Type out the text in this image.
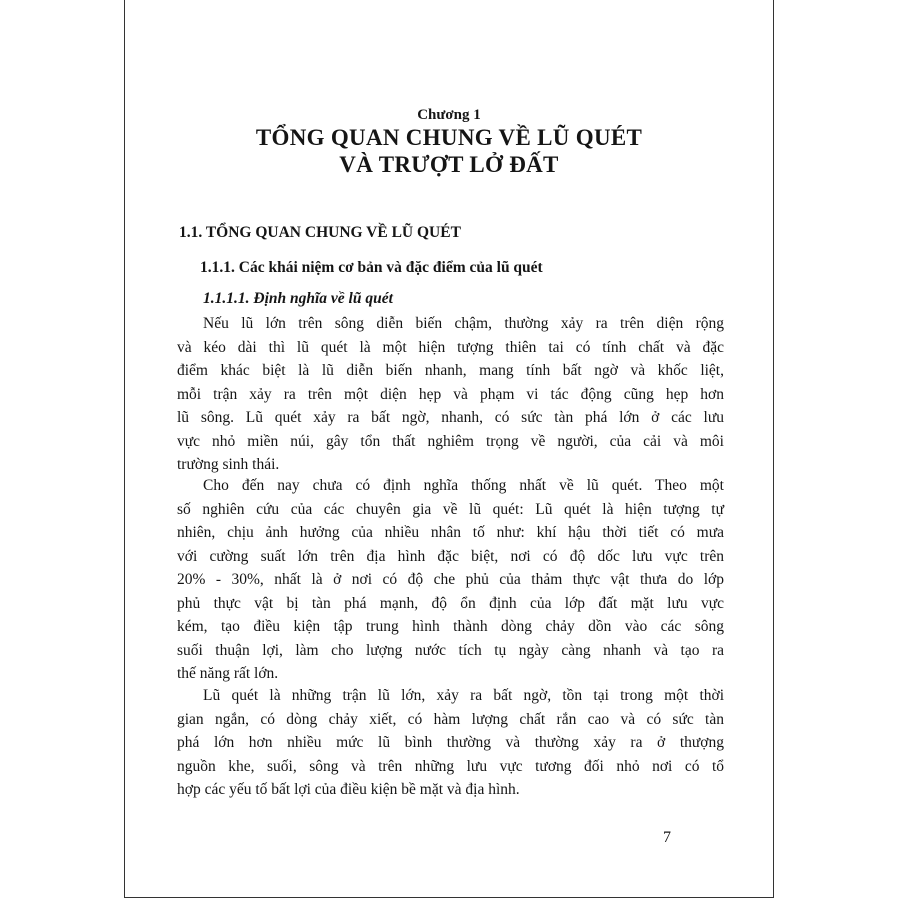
Chương 1
TỔNG QUAN CHUNG VỀ LŨ QUÉT
VÀ TRƯỢT LỞ ĐẤT
1.1. TỔNG QUAN CHUNG VỀ LŨ QUÉT
1.1.1. Các khái niệm cơ bản và đặc điểm của lũ quét
1.1.1.1. Định nghĩa về lũ quét
Nếu lũ lớn trên sông diễn biến chậm, thường xảy ra trên diện rộng
và kéo dài thì lũ quét là một hiện tượng thiên tai có tính chất và đặc
điểm khác biệt là lũ diễn biến nhanh, mang tính bất ngờ và khốc liệt,
mỗi trận xảy ra trên một diện hẹp và phạm vi tác động cũng hẹp hơn
lũ sông. Lũ quét xảy ra bất ngờ, nhanh, có sức tàn phá lớn ở các lưu
vực nhỏ miền núi, gây tổn thất nghiêm trọng về người, của cải và môi
trường sinh thái.
Cho đến nay chưa có định nghĩa thống nhất về lũ quét. Theo một
số nghiên cứu của các chuyên gia về lũ quét: Lũ quét là hiện tượng tự
nhiên, chịu ảnh hưởng của nhiều nhân tố như: khí hậu thời tiết có mưa
với cường suất lớn trên địa hình đặc biệt, nơi có độ dốc lưu vực trên
20% - 30%, nhất là ở nơi có độ che phủ của thảm thực vật thưa do lớp
phủ thực vật bị tàn phá mạnh, độ ổn định của lớp đất mặt lưu vực
kém, tạo điều kiện tập trung hình thành dòng chảy dồn vào các sông
suối thuận lợi, làm cho lượng nước tích tụ ngày càng nhanh và tạo ra
thế năng rất lớn.
Lũ quét là những trận lũ lớn, xảy ra bất ngờ, tồn tại trong một thời
gian ngắn, có dòng chảy xiết, có hàm lượng chất rắn cao và có sức tàn
phá lớn hơn nhiều mức lũ bình thường và thường xảy ra ở thượng
nguồn khe, suối, sông và trên những lưu vực tương đối nhỏ nơi có tổ
hợp các yếu tố bất lợi của điều kiện bề mặt và địa hình.
7
